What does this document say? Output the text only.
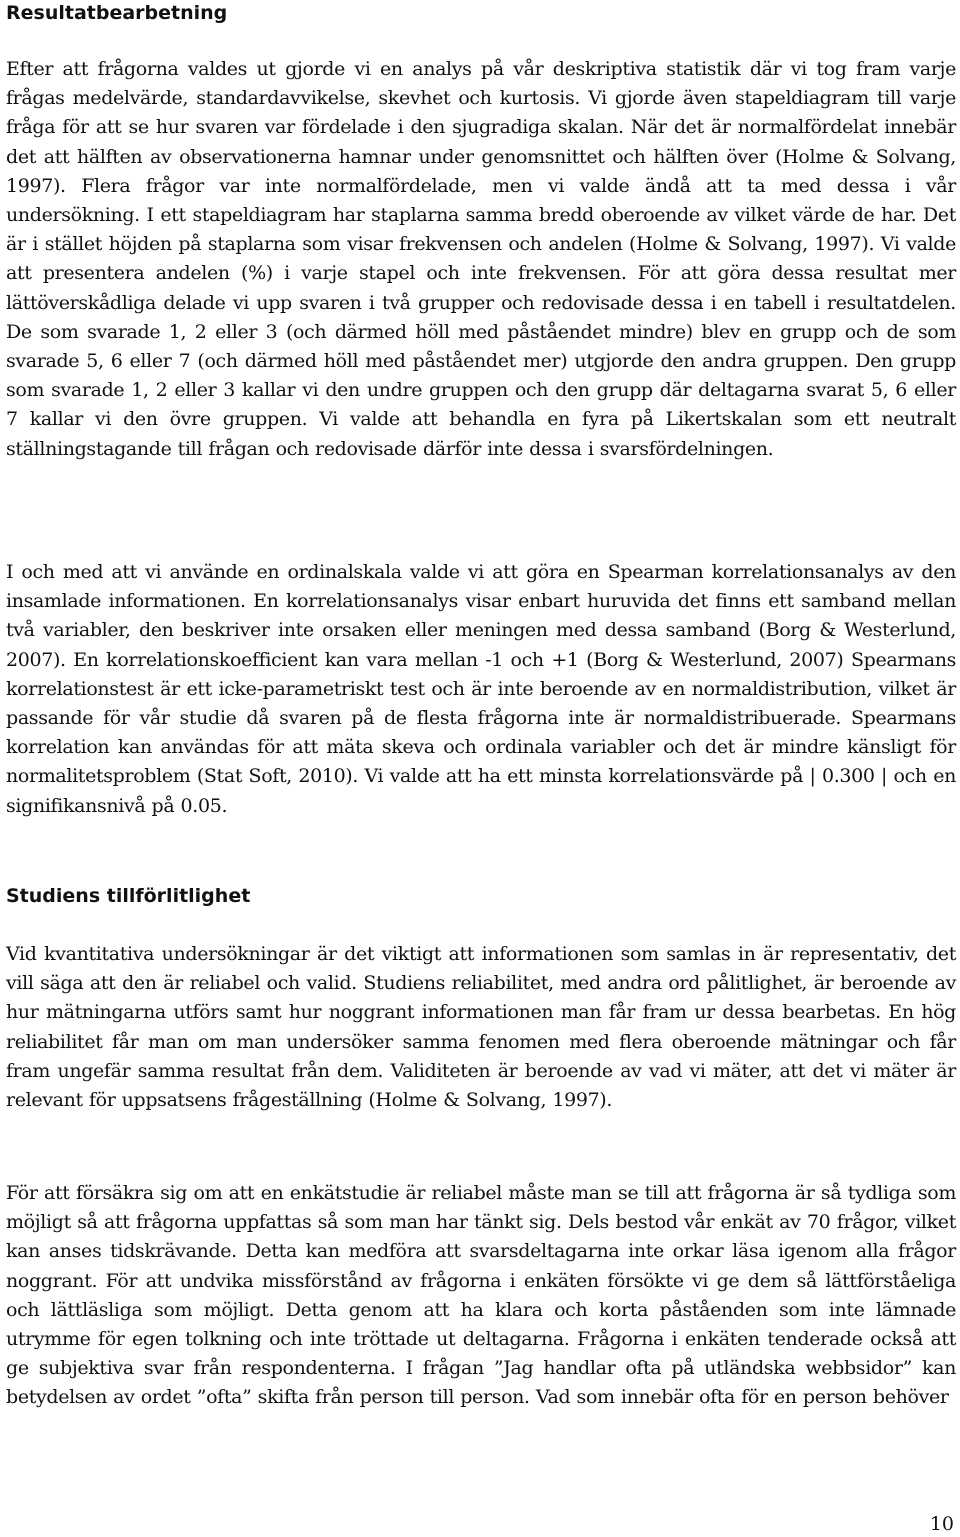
Resultatbearbetning

Efter att frågorna valdes ut gjorde vi en analys på vår deskriptiva statistik där vi tog fram varje frågas medelvärde, standardavvikelse, skevhet och kurtosis. Vi gjorde även stapeldiagram till varje fråga för att se hur svaren var fördelade i den sjugradiga skalan. När det är normalfördelat innebär det att hälften av observationerna hamnar under genomsnittet och hälften över (Holme & Solvang, 1997). Flera frågor var inte normalfördelade, men vi valde ändå att ta med dessa i vår undersökning. I ett stapeldiagram har staplarna samma bredd oberoende av vilket värde de har. Det är i stället höjden på staplarna som visar frekvensen och andelen (Holme & Solvang, 1997). Vi valde att presentera andelen (%) i varje stapel och inte frekvensen. För att göra dessa resultat mer lättöverskådliga delade vi upp svaren i två grupper och redovisade dessa i en tabell i resultatdelen. De som svarade 1, 2 eller 3 (och därmed höll med påståendet mindre) blev en grupp och de som svarade 5, 6 eller 7 (och därmed höll med påståendet mer) utgjorde den andra gruppen. Den grupp som svarade 1, 2 eller 3 kallar vi den undre gruppen och den grupp där deltagarna svarat 5, 6 eller 7 kallar vi den övre gruppen. Vi valde att behandla en fyra på Likertskalan som ett neutralt ställningstagande till frågan och redovisade därför inte dessa i svarsfördelningen.

I och med att vi använde en ordinalskala valde vi att göra en Spearman korrelationsanalys av den insamlade informationen. En korrelationsanalys visar enbart huruvida det finns ett samband mellan två variabler, den beskriver inte orsaken eller meningen med dessa samband (Borg & Westerlund, 2007). En korrelationskoefficient kan vara mellan -1 och +1 (Borg & Westerlund, 2007) Spearmans korrelationstest är ett icke-parametriskt test och är inte beroende av en normaldistribution, vilket är passande för vår studie då svaren på de flesta frågorna inte är normaldistribuerade. Spearmans korrelation kan användas för att mäta skeva och ordinala variabler och det är mindre känsligt för normalitetsproblem (Stat Soft, 2010). Vi valde att ha ett minsta korrelationsvärde på | 0.300 | och en signifikansnivå på 0.05.

Studiens tillförlitlighet

Vid kvantitativa undersökningar är det viktigt att informationen som samlas in är representativ, det vill säga att den är reliabel och valid. Studiens reliabilitet, med andra ord pålitlighet, är beroende av hur mätningarna utförs samt hur noggrant informationen man får fram ur dessa bearbetas. En hög reliabilitet får man om man undersöker samma fenomen med flera oberoende mätningar och får fram ungefär samma resultat från dem. Validiteten är beroende av vad vi mäter, att det vi mäter är relevant för uppsatsens frågeställning (Holme & Solvang, 1997).

För att försäkra sig om att en enkätstudie är reliabel måste man se till att frågorna är så tydliga som möjligt så att frågorna uppfattas så som man har tänkt sig. Dels bestod vår enkät av 70 frågor, vilket kan anses tidskrävande. Detta kan medföra att svarsdeltagarna inte orkar läsa igenom alla frågor noggrant. För att undvika missförstånd av frågorna i enkäten försökte vi ge dem så lättförståeliga och lättläsliga som möjligt. Detta genom att ha klara och korta påståenden som inte lämnade utrymme för egen tolkning och inte tröttade ut deltagarna. Frågorna i enkäten tenderade också att ge subjektiva svar från respondenterna. I frågan ”Jag handlar ofta på utländska webbsidor” kan betydelsen av ordet ”ofta” skifta från person till person. Vad som innebär ofta för en person behöver

10
